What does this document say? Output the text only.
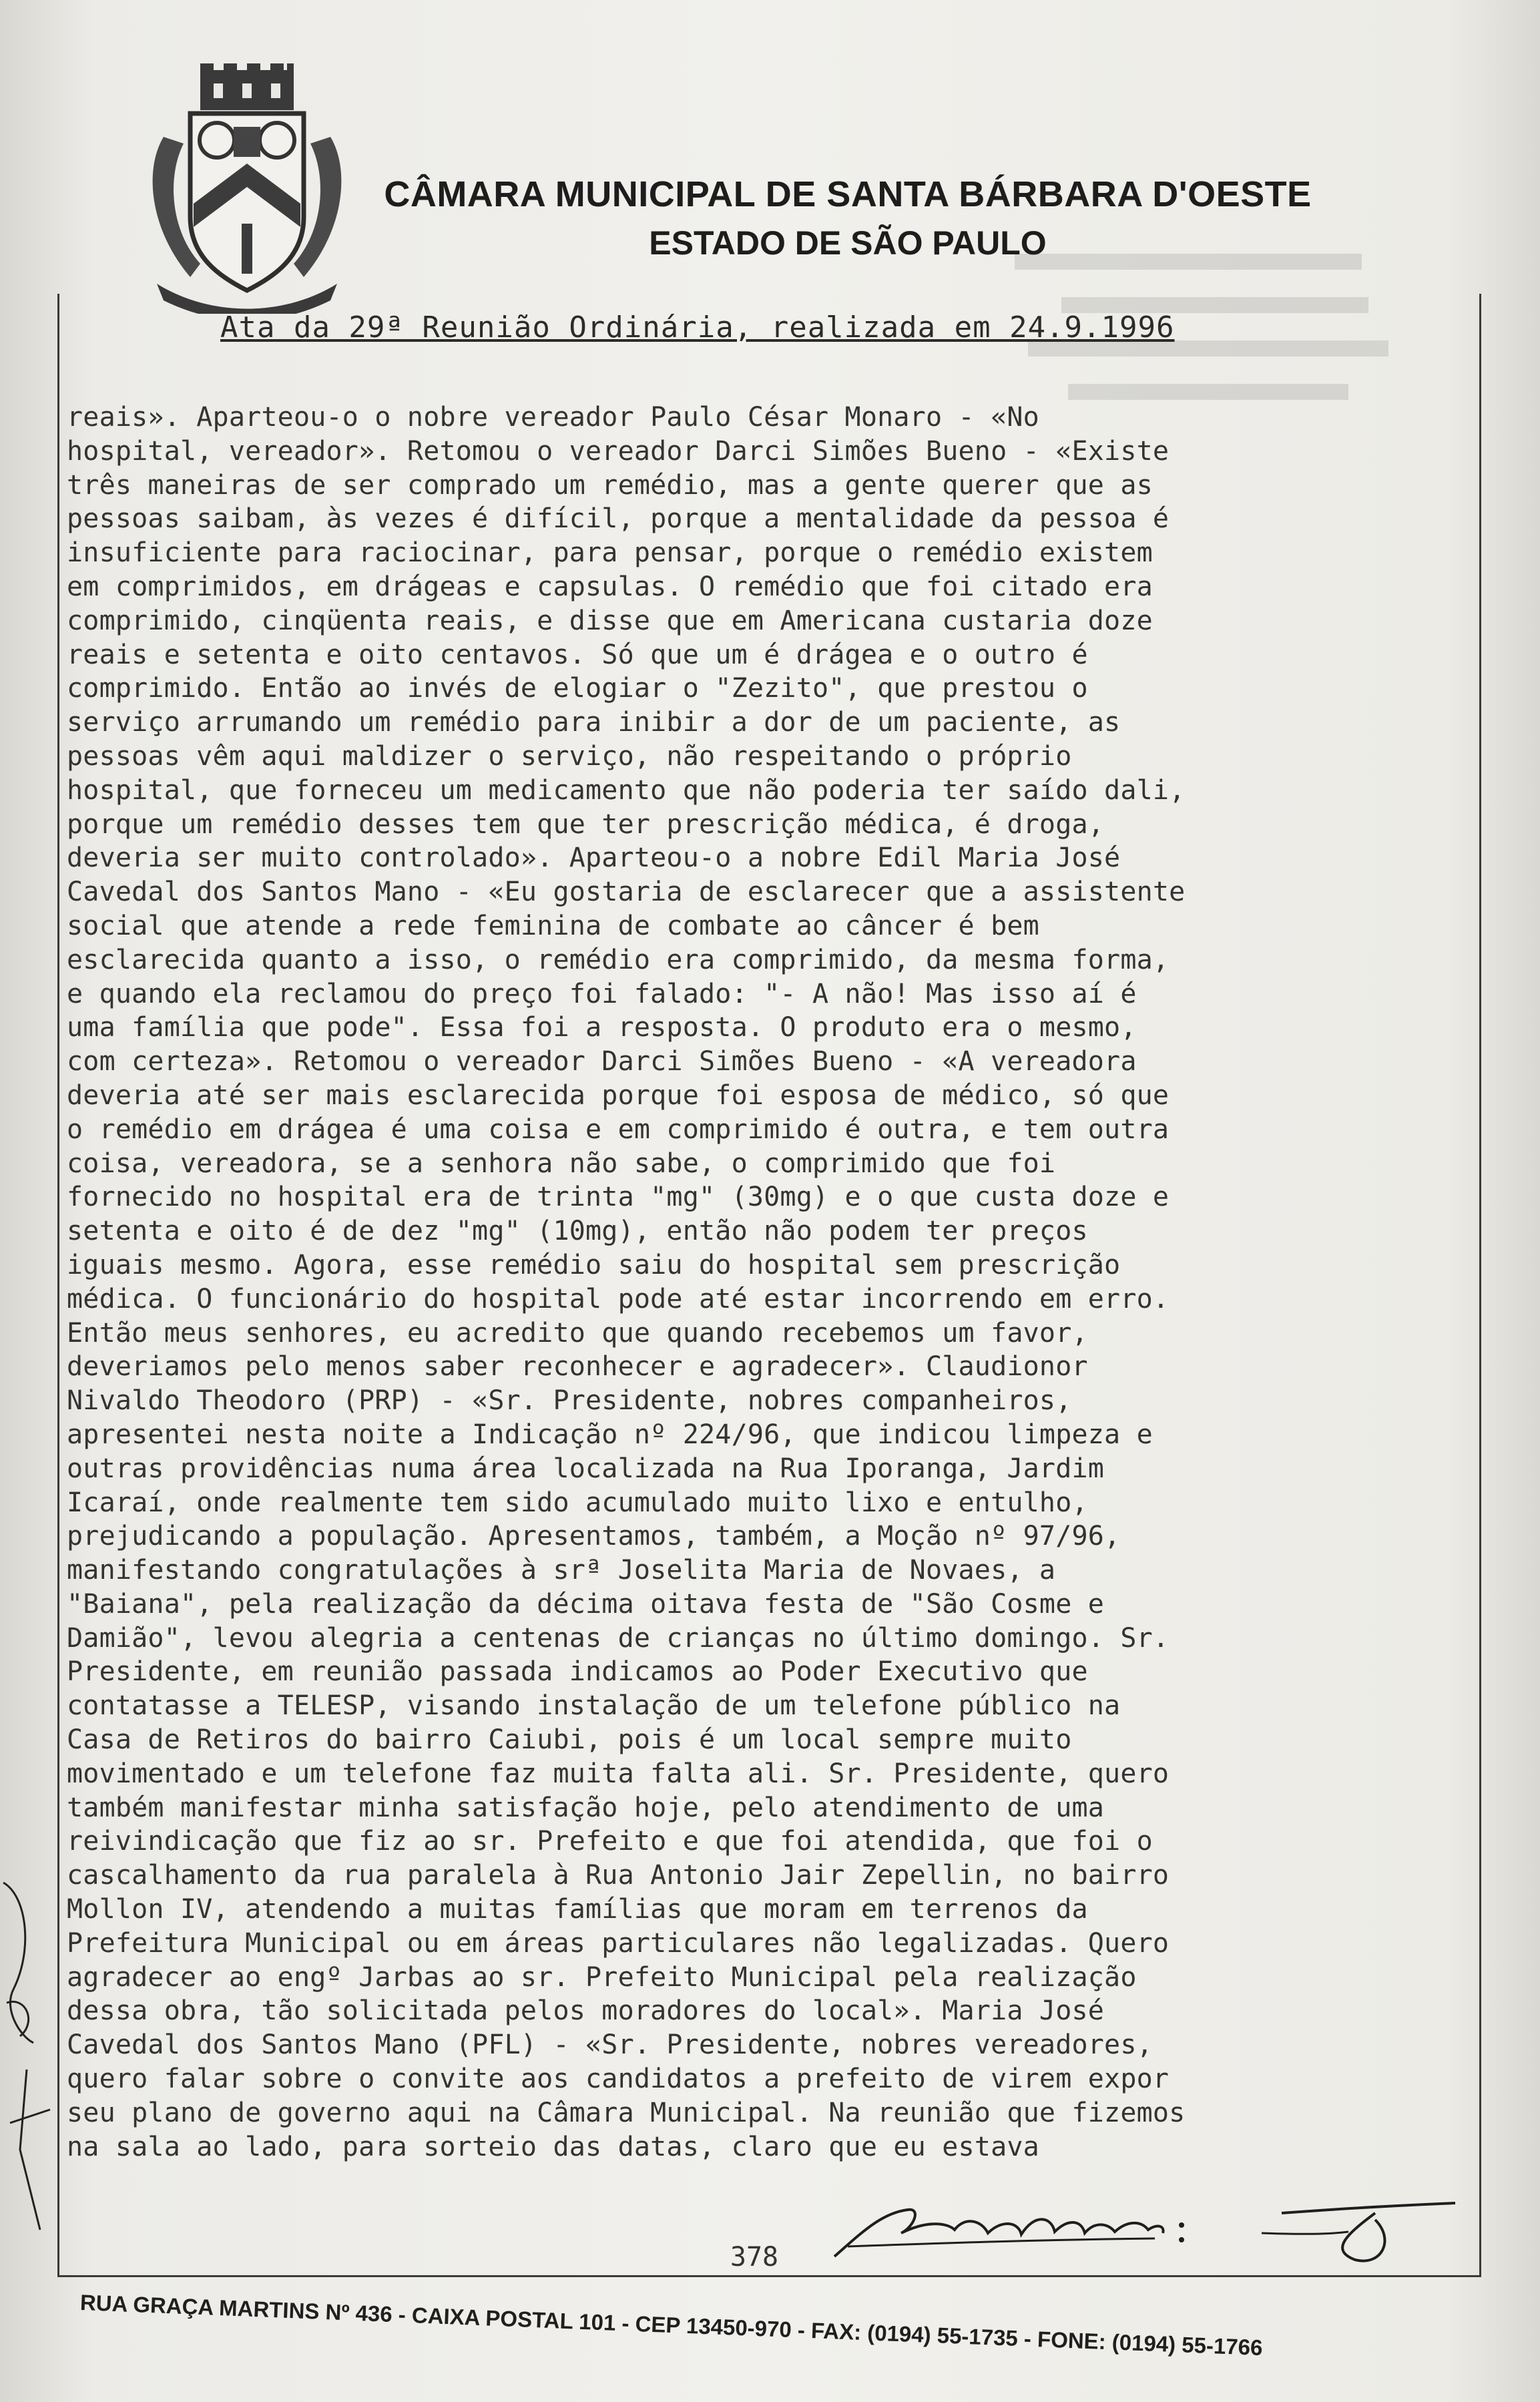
CÂMARA MUNICIPAL DE SANTA BÁRBARA D'OESTE
ESTADO DE SÃO PAULO
Ata da 29ª Reunião Ordinária, realizada em 24.9.1996

reais». Aparteou-o o nobre vereador Paulo César Monaro - «No

hospital, vereador». Retomou o vereador Darci Simões Bueno - «Existe

três maneiras de ser comprado um remédio, mas a gente querer que as

pessoas saibam, às vezes é difícil, porque a mentalidade da pessoa é

insuficiente para raciocinar, para pensar, porque o remédio existem

em comprimidos, em drágeas e capsulas. O remédio que foi citado era

comprimido, cinqüenta reais, e disse que em Americana custaria doze

reais e setenta e oito centavos. Só que um é drágea e o outro é

comprimido. Então ao invés de elogiar o "Zezito", que prestou o

serviço arrumando um remédio para inibir a dor de um paciente, as

pessoas vêm aqui maldizer o serviço, não respeitando o próprio

hospital, que forneceu um medicamento que não poderia ter saído dali,

porque um remédio desses tem que ter prescrição médica, é droga,

deveria ser muito controlado». Aparteou-o a nobre Edil Maria José

Cavedal dos Santos Mano - «Eu gostaria de esclarecer que a assistente

social que atende a rede feminina de combate ao câncer é bem

esclarecida quanto a isso, o remédio era comprimido, da mesma forma,

e quando ela reclamou do preço foi falado: "- A não! Mas isso aí é

uma família que pode". Essa foi a resposta. O produto era o mesmo,

com certeza». Retomou o vereador Darci Simões Bueno - «A vereadora

deveria até ser mais esclarecida porque foi esposa de médico, só que

o remédio em drágea é uma coisa e em comprimido é outra, e tem outra

coisa, vereadora, se a senhora não sabe, o comprimido que foi

fornecido no hospital era de trinta "mg" (30mg) e o que custa doze e

setenta e oito é de dez "mg" (10mg), então não podem ter preços

iguais mesmo. Agora, esse remédio saiu do hospital sem prescrição

médica. O funcionário do hospital pode até estar incorrendo em erro.

Então meus senhores, eu acredito que quando recebemos um favor,

deveriamos pelo menos saber reconhecer e agradecer». Claudionor

Nivaldo Theodoro (PRP) - «Sr. Presidente, nobres companheiros,

apresentei nesta noite a Indicação nº 224/96, que indicou limpeza e

outras providências numa área localizada na Rua Iporanga, Jardim

Icaraí, onde realmente tem sido acumulado muito lixo e entulho,

prejudicando a população. Apresentamos, também, a Moção nº 97/96,

manifestando congratulações à srª Joselita Maria de Novaes, a

"Baiana", pela realização da décima oitava festa de "São Cosme e

Damião", levou alegria a centenas de crianças no último domingo. Sr.

Presidente, em reunião passada indicamos ao Poder Executivo que

contatasse a TELESP, visando instalação de um telefone público na

Casa de Retiros do bairro Caiubi, pois é um local sempre muito

movimentado e um telefone faz muita falta ali. Sr. Presidente, quero

também manifestar minha satisfação hoje, pelo atendimento de uma

reivindicação que fiz ao sr. Prefeito e que foi atendida, que foi o

cascalhamento da rua paralela à Rua Antonio Jair Zepellin, no bairro

Mollon IV, atendendo a muitas famílias que moram em terrenos da

Prefeitura Municipal ou em áreas particulares não legalizadas. Quero

agradecer ao engº Jarbas ao sr. Prefeito Municipal pela realização

dessa obra, tão solicitada pelos moradores do local». Maria José

Cavedal dos Santos Mano (PFL) - «Sr. Presidente, nobres vereadores,

quero falar sobre o convite aos candidatos a prefeito de virem expor

seu plano de governo aqui na Câmara Municipal. Na reunião que fizemos

na sala ao lado, para sorteio das datas, claro que eu estava

378
RUA GRAÇA MARTINS Nº 436 - CAIXA POSTAL 101 - CEP 13450-970 - FAX: (0194) 55-1735 - FONE: (0194) 55-1766
